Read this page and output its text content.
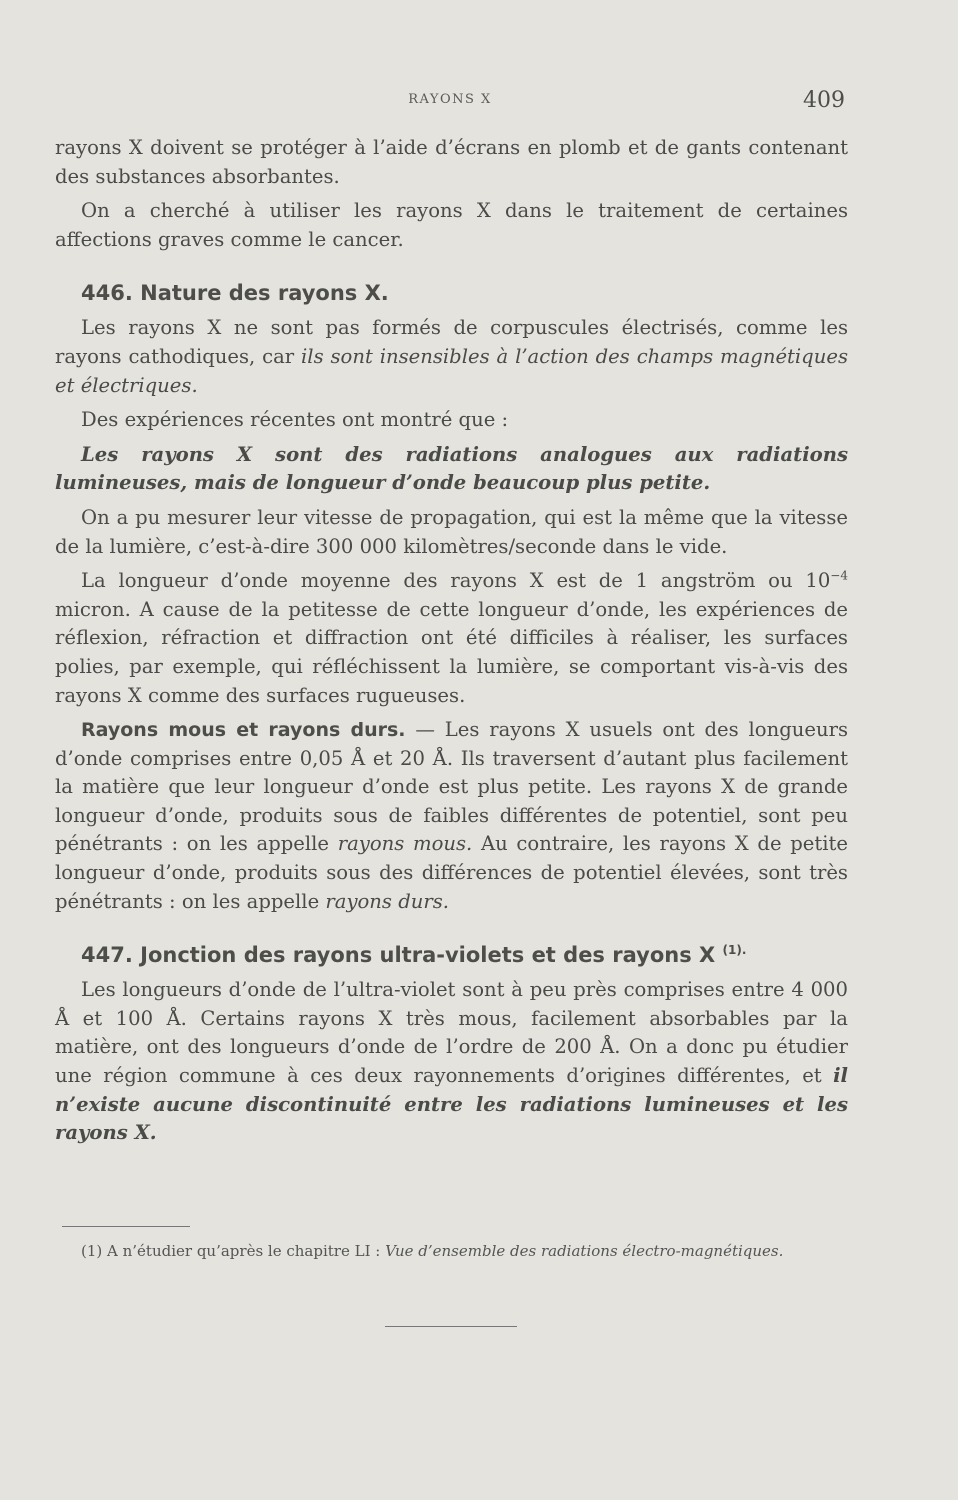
RAYONS X	409

rayons X doivent se protéger à l’aide d’écrans en plomb et de gants contenant des substances absorbantes.

On a cherché à utiliser les rayons X dans le traitement de certaines affections graves comme le cancer.

446. Nature des rayons X.

Les rayons X ne sont pas formés de corpuscules électrisés, comme les rayons cathodiques, car ils sont insensibles à l’action des champs magnétiques et électriques.

Des expériences récentes ont montré que :

Les rayons X sont des radiations analogues aux radiations lumineuses, mais de longueur d’onde beaucoup plus petite.

On a pu mesurer leur vitesse de propagation, qui est la même que la vitesse de la lumière, c’est-à-dire 300 000 kilomètres/seconde dans le vide.

La longueur d’onde moyenne des rayons X est de 1 angström ou $10^{-4}$ micron. A cause de la petitesse de cette longueur d’onde, les expériences de réflexion, réfraction et diffraction ont été difficiles à réaliser, les surfaces polies, par exemple, qui réfléchissent la lumière, se comportant vis-à-vis des rayons X comme des surfaces rugueuses.

Rayons mous et rayons durs. — Les rayons X usuels ont des longueurs d’onde comprises entre 0,05 Å et 20 Å. Ils traversent d’autant plus facilement la matière que leur longueur d’onde est plus petite. Les rayons X de grande longueur d’onde, produits sous de faibles différentes de potentiel, sont peu pénétrants : on les appelle rayons mous. Au contraire, les rayons X de petite longueur d’onde, produits sous des différences de potentiel élevées, sont très pénétrants : on les appelle rayons durs.

447. Jonction des rayons ultra-violets et des rayons X $^{(1).}$

Les longueurs d’onde de l’ultra-violet sont à peu près comprises entre 4 000 Å et 100 Å. Certains rayons X très mous, facilement absorbables par la matière, ont des longueurs d’onde de l’ordre de 200 Å. On a donc pu étudier une région commune à ces deux rayonnements d’origines différentes, et il n’existe aucune discontinuité entre les radiations lumineuses et les rayons X.

(1) A n’étudier qu’après le chapitre LI : Vue d’ensemble des radiations électro-magnétiques.
